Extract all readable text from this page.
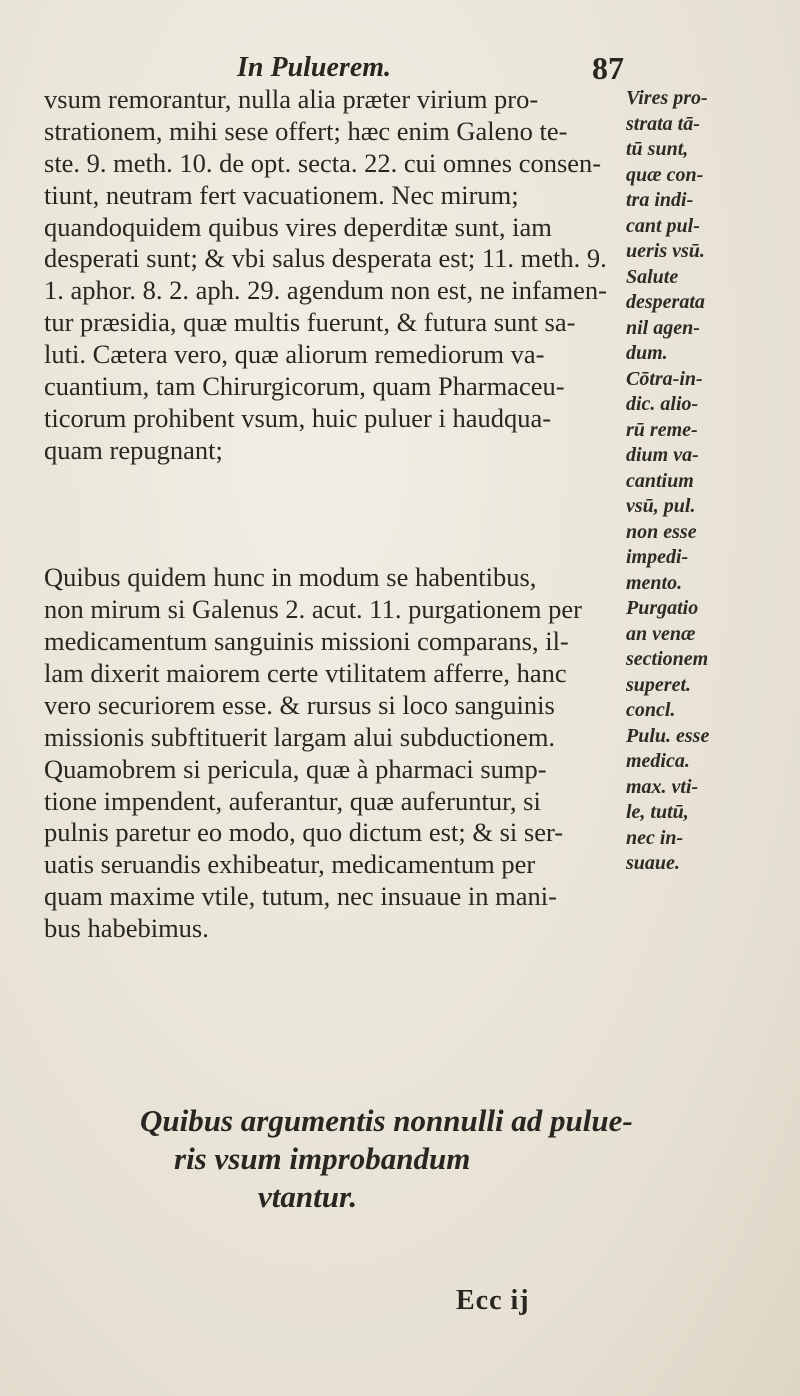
In Puluerem.	87
vsum remorantur, nulla alia præter virium pro-
strationem, mihi sese offert; hæc enim Galeno te-
ste. 9. meth. 10. de opt. secta. 22. cui omnes consen-
tiunt, neutram fert vacuationem. Nec mirum;
quandoquidem quibus vires deperditæ sunt, iam
desperati sunt; & vbi salus desperata est; 11. meth. 9.
1. aphor. 8. 2. aph. 29. agendum non est, ne infamen-
tur præsidia, quæ multis fuerunt, & futura sunt sa-
luti. Cætera vero, quæ aliorum remediorum va-
cuantium, tam Chirurgicorum, quam Pharmaceu-
ticorum prohibent vsum, huic puluer i haudqua-
quam repugnant;
Quibus quidem hunc in modum se habentibus,
non mirum si Galenus 2. acut. 11. purgationem per
medicamentum sanguinis missioni comparans, il-
lam dixerit maiorem certe vtilitatem afferre, hanc
vero securiorem esse. & rursus si loco sanguinis
missionis subftituerit largam alui subductionem.
Quamobrem si pericula, quæ à pharmaci sump-
tione impendent, auferantur, quæ auferuntur, si
pulnis paretur eo modo, quo dictum est; & si ser-
uatis seruandis exhibeatur, medicamentum per
quam maxime vtile, tutum, nec insuaue in mani-
bus habebimus.
Vires pro-
strata tā-
tū sunt,
quæ con-
tra indi-
cant pul-
ueris vsū.
Salute
desperata
nil agen-
dum.
Cōtra-in-
dic. alio-
rū reme-
dium va-
cantium
vsū, pul.
non esse
impedi-
mento.
Purgatio
an venæ
sectionem
superet.
concl.
Pulu. esse
medica.
max. vti-
le, tutū,
nec in-
suaue.
Quibus argumentis nonnulli ad pulue-
ris vsum improbandum
vtantur.
Ecc ij
